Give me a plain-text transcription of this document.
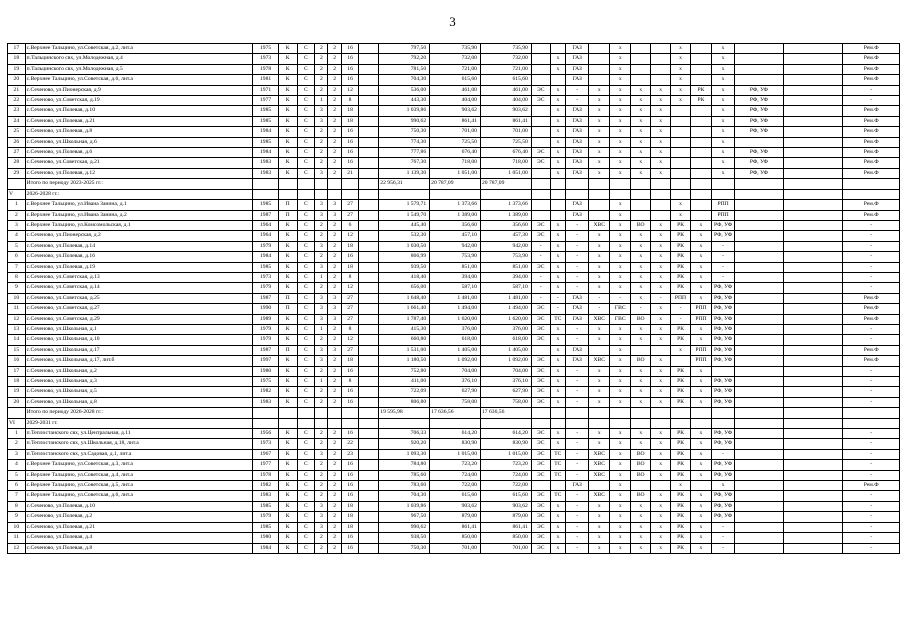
3
17	с.Верхнее Тальцино, ул.Советская, д.2, лит.а	1975	К	С	2	2	16		797,50	735,90	735,90			ГАЗ		x			x		x			Рем.Ф
18	п.Тальцинского свх, ул.Молодежная, д.4	1973	К	С	2	2	16		792,20	732,00	732,00		x	ГАЗ		x			x		x			Рем.Ф
19	п.Тальцинского свх, ул.Молодежная, д.5	1978	К	С	2	2	16		781,50	721,00	721,00		x	ГАЗ		x			x		x			Рем.Ф
20	с.Верхнее Тальцино, ул.Советская, д.6, лит.а	1981	К	С	2	2	16		704,30	615,60	615,60			ГАЗ		x			x		x			Рем.Ф
21	с.Сеченово, ул.Пионерская, д.9	1971	К	С	2	2	12		536,00	461,00	461,00	ЭС	x	-	x	x	x	x	x	РК	x	РФ, УФ		-
22	с.Сеченово, ул.Советская, д.19	1977	К	С	1	2	8		443,30	404,00	404,00	ЭС	x	-	x	x	x	x	x	РК	x	РФ, УФ		-
23	с.Сеченово, ул.Полевая, д.10	1985	К	С	3	2	18		1 039,86	903,62	903,62		x	ГАЗ	x	x	x	x			x	РФ, УФ		Рем.Ф
24	с.Сеченово, ул.Полевая, д.21	1985	К	С	3	2	18		990,62	861,41	861,41		x	ГАЗ	x	x	x	x			x	РФ, УФ		Рем.Ф
25	с.Сеченово, ул.Полевая, д.8	1984	К	С	2	2	16		750,30	701,00	701,00		x	ГАЗ	x	x	x	x			x	РФ, УФ		Рем.Ф
26	с.Сеченово, ул.Школьная, д.6	1985	К	С	2	2	16		774,30	725,50	725,50		x	ГАЗ	x	x	x	x			x			Рем.Ф
27	с.Сеченово, ул.Полевая, д.6	1984	К	С	2	2	16		777,86	676,40	676,40	ЭС	x	ГАЗ	x	x	x	x			x	РФ, УФ		Рем.Ф
28	с.Сеченово, ул.Советская, д.21	1983	К	С	2	2	16		767,30	718,00	718,00	ЭС	x	ГАЗ	x	x	x	x			x	РФ, УФ		Рем.Ф
29	с.Сеченово, ул.Полевая, д.12	1983	К	С	3	2	21		1 139,30	1 051,00	1 051,00		x	ГАЗ	x	x	x	x			x	РФ, УФ		Рем.Ф
	Итого по периоду 2023-2025 гг.:								22 956,31	20 787,09	20 787,09													
V	2026-2028 гг.:																							
1	с.Верхнее Тальцино, ул.Ивана Занина, д.1	1985	П	С	3	3	27		1 579,71	1 373,66	1 373,66			ГАЗ		x			x		РПП			Рем.Ф
2	с.Верхнее Тальцино, ул.Ивана Занина, д.2	1987	П	С	3	3	27		1 549,70	1 389,00	1 389,00			ГАЗ		x			x		РПП			Рем.Ф
3	с.Верхнее Тальцино, ул.Комсомольская, д.1	1964	К	С	2	2	6		445,40	356,60	356,60	ЭС	x	-	ХВС	x	ВО	x	РК	x	РФ, УФ			-
4	с.Сеченово, ул.Пионерская, д.2	1964	К	С	2	2	12		532,30	457,10	457,30	ЭС	x	-	x	x	x	x	РК	x	РФ, УФ			-
5	с.Сеченово, ул.Полевая, д.14	1979	К	С	3	2	18		1 030,50	942,00	942,00	-	x	-	x	x	x	x	РК	x	-			-
6	с.Сеченово, ул.Полевая, д.16	1984	К	С	2	2	16		866,99	753,90	753,90	-	x	-	x	x	x	x	РК	x	-			-
7	с.Сеченово, ул.Полевая, д.19	1985	К	С	3	2	18		939,50	851,00	851,00	ЭС	x	-	x	x	x	x	РК	x	-			-
8	с.Сеченово, ул.Советская, д.13	1973	К	С	1	2	8		418,40	394,00	394,00	-	x	-	x	x	x	x	РК	x	-			-
9	с.Сеченово, ул.Советская, д.14	1979	К	С	2	2	12		656,00	587,10	587,10	-	x	-	x	x	x	x	РК	x	РФ, УФ			-
10	с.Сеченово, ул.Советская, д.25	1987	П	С	3	3	27		1 648,40	1 481,00	1 481,00	-	-	ГАЗ	-	-	x	-	РПП	x	РФ, УФ			Рем.Ф
11	с.Сеченово, ул.Советская, д.27	1990	П	С	3	3	27		1 661,40	1 494,00	1 494,00	ЭС	-	ГАЗ	-	ГВС	-	x	-	РПП	РФ, УФ			Рем.Ф
12	с.Сеченово, ул.Советская, д.29	1989	К	С	3	3	27		1 787,40	1 620,00	1 620,00	ЭС	ТС	ГАЗ	ХВС	ГВС	ВО	x	-	РПП	РФ, УФ			Рем.Ф
13	с.Сеченово, ул.Школьная, д.1	1979	К	С	1	2	8		415,30	376,00	376,00	ЭС	x	-	x	x	x	x	РК	x	РФ, УФ			-
14	с.Сеченово, ул.Школьная, д.10	1979	К	С	2	2	12		660,80	618,00	618,00	ЭС	x	-	x	x	x	x	РК	x	РФ, УФ			-
15	с.Сеченово, ул.Школьная, д.17	1987	П	С	3	3	27		1 531,00	1 405,00	1 405,00		x	ГАЗ		x			x	РПП	РФ, УФ			Рем.Ф
16	с.Сеченово, ул.Школьная, д.17, лит.б	1997	К	С	3	2	18		1 180,50	1 092,00	1 092,00	ЭС	x	ГАЗ	ХВС	x	ВО	x		РПП	РФ, УФ			Рем.Ф
17	с.Сеченово, ул.Школьная, д.2	1980	К	С	2	2	16		752,80	704,00	704,00	ЭС	x	-	x	x	x	x	РК	x				-
18	с.Сеченово, ул.Школьная, д.3	1975	К	С	1	2	8		411,00	376,10	376,10	ЭС	x	-	x	x	x	x	РК	x	РФ, УФ			-
19	с.Сеченово, ул.Школьная, д.5	1982	К	С	2	2	16		722,09	627,90	627,90	ЭС	x	-	x	x	x	x	РК	x	РФ, УФ			-
20	с.Сеченово, ул.Школьная, д.8	1983	К	С	2	2	16		806,80	758,00	758,00	ЭС	x	-	x	x	x	x	РК	x	РФ, УФ			-
	Итого по периоду 2026-2028 гг.:								19 595,98	17 636,56	17 636,56													
VI	2029-2031 гг.																							
1	п.Теплостанского свх, ул.Центральная, д.11	1956	К	С	2	2	16		706,33	614,20	614,20	ЭС	x	-	x	x	x	x	РК	x	РФ, УФ			-
2	п.Теплостанского свх, ул.Школьная, д.18, лит.а	1973	К	С	2	2	22		920,20	830,90	830,90	ЭС	x	-	x	x	x	x	РК	x	РФ, УФ			-
3	п.Теплостанского свх, ул.Садовая, д.1, лит.а	1967	К	С	3	2	23		1 093,30	1 015,00	1 015,00	ЭС	ТС	-	ХВС	x	ВО	x	РК	x	-			-
4	с.Верхнее Тальцино, ул.Советская, д.3, лит.а	1977	К	С	2	2	16		784,80	723,20	723,20	ЭС	ТС	-	ХВС	x	ВО	x	РК	x	РФ, УФ			-
5	с.Верхнее Тальцино, ул.Советская, д.4, лит.а	1978	К	С	2	2	16		785,60	724,00	724,00	ЭС	ТС	-	ХВС	x	ВО	x	РК	x	РФ, УФ			-
6	с.Верхнее Тальцино, ул.Советская, д.5, лит.а	1982	К	С	2	2	16		783,60	722,00	722,00			ГАЗ		x			x		x			Рем.Ф
7	с.Верхнее Тальцино, ул.Советская, д.6, лит.а	1983	К	С	2	2	16		704,30	615,60	615,60	ЭС	ТС	-	ХВС	x	ВО	x	РК	x	РФ, УФ			-
8	с.Сеченово, ул.Полевая, д.10	1985	К	С	3	2	18		1 039,86	903,62	903,62	ЭС	x	-	x	x	x	x	РК	x	РФ, УФ			-
9	с.Сеченово, ул.Полевая, д.2	1979	К	С	3	2	18		967,50	879,00	879,00	ЭС	x	-	x	x	x	x	РК	x	РФ, УФ			-
10	с.Сеченово, ул.Полевая, д.21	1985	К	С	3	2	18		990,62	861,41	861,41	ЭС	x	-	x	x	x	x	РК	x	-			-
11	с.Сеченово, ул.Полевая, д.4	1980	К	С	2	2	16		938,50	850,00	850,00	ЭС	x	-	x	x	x	x	РК	x	-			-
12	с.Сеченово, ул.Полевая, д.8	1984	К	С	2	2	16		750,30	701,00	701,00	ЭС	x	-	x	x	x	x	РК	x	-			-
